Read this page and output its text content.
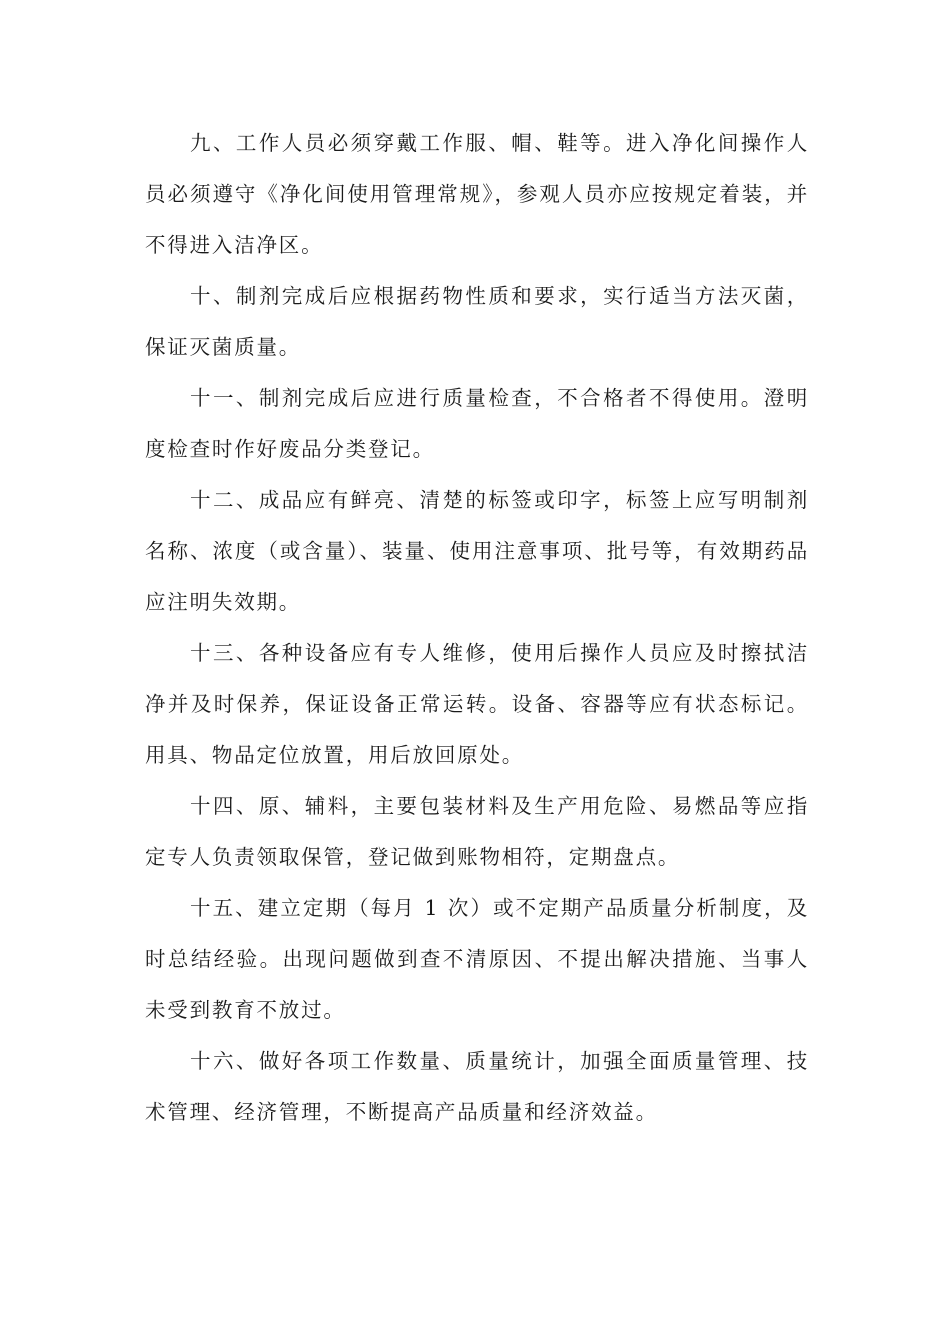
九、工作人员必须穿戴工作服、帽、鞋等。进入净化间操作人员必须遵守《净化间使用管理常规》，参观人员亦应按规定着装，并不得进入洁净区。

十、制剂完成后应根据药物性质和要求，实行适当方法灭菌，保证灭菌质量。

十一、制剂完成后应进行质量检查，不合格者不得使用。澄明度检查时作好废品分类登记。

十二、成品应有鲜亮、清楚的标签或印字，标签上应写明制剂名称、浓度（或含量）、装量、使用注意事项、批号等，有效期药品应注明失效期。

十三、各种设备应有专人维修，使用后操作人员应及时擦拭洁净并及时保养，保证设备正常运转。设备、容器等应有状态标记。用具、物品定位放置，用后放回原处。

十四、原、辅料，主要包装材料及生产用危险、易燃品等应指定专人负责领取保管，登记做到账物相符，定期盘点。

十五、建立定期（每月 1 次）或不定期产品质量分析制度，及时总结经验。出现问题做到查不清原因、不提出解决措施、当事人未受到教育不放过。

十六、做好各项工作数量、质量统计，加强全面质量管理、技术管理、经济管理，不断提高产品质量和经济效益。
